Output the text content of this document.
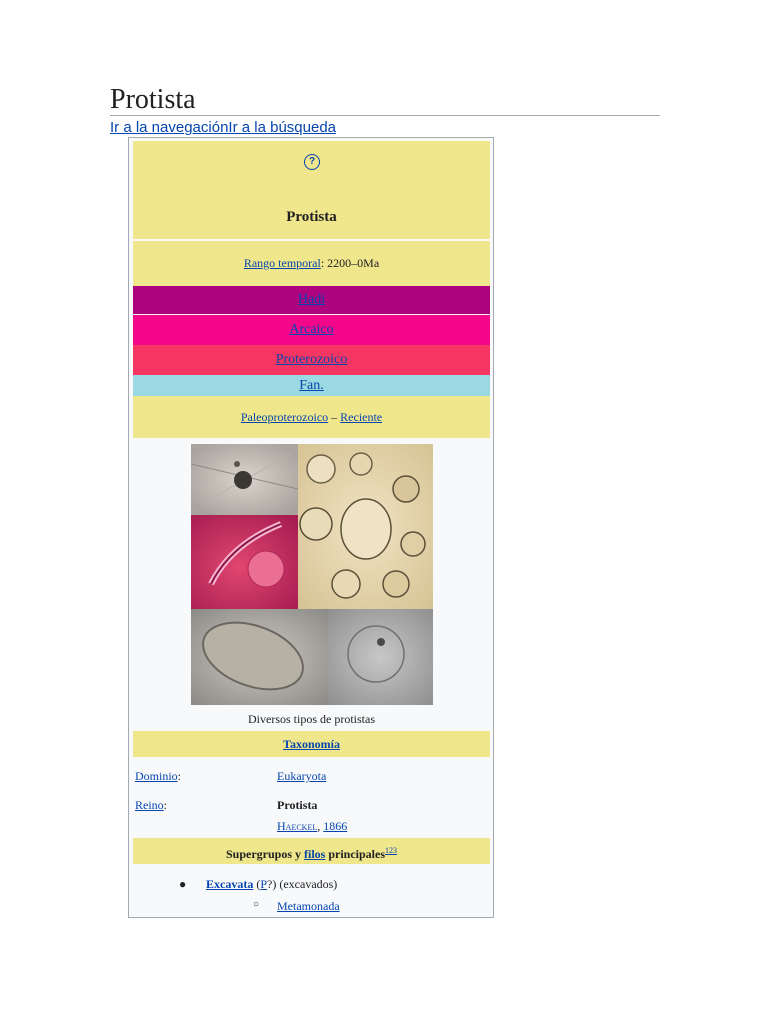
Protista
Ir a la navegaciónIr a la búsqueda
?
Protista
Rango temporal: 2200–0Ma
Hadi
Arcaico
Proterozoico
Fan.
Paleoproterozoico – Reciente
Diversos tipos de protistas
Taxonomía
Dominio:	Eukaryota
Reino:	Protista
Haeckel, 1866
Supergrupos y filos principales$^{123}$
● Excavata (P?) (excavados)
○ Metamonada
